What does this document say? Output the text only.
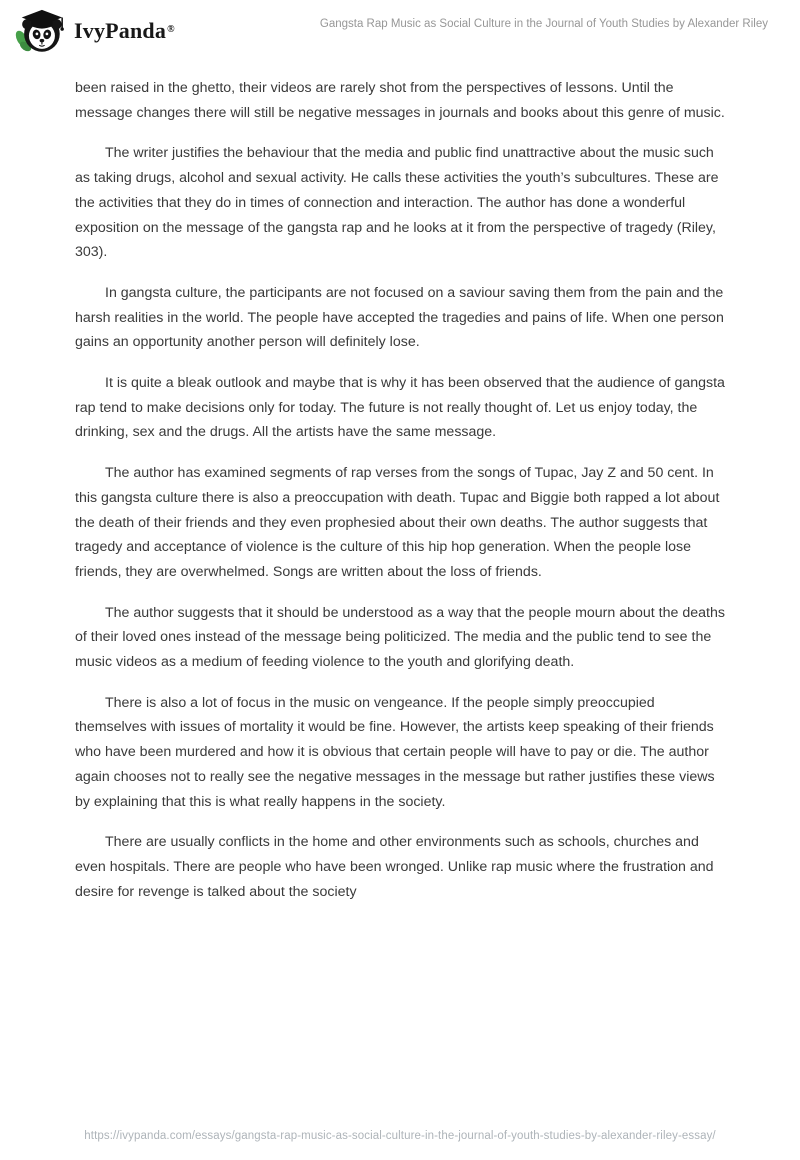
IvyPanda®	Gangsta Rap Music as Social Culture in the Journal of Youth Studies by Alexander Riley

been raised in the ghetto, their videos are rarely shot from the perspectives of lessons. Until the message changes there will still be negative messages in journals and books about this genre of music.

The writer justifies the behaviour that the media and public find unattractive about the music such as taking drugs, alcohol and sexual activity. He calls these activities the youth’s subcultures. These are the activities that they do in times of connection and interaction. The author has done a wonderful exposition on the message of the gangsta rap and he looks at it from the perspective of tragedy (Riley, 303).

In gangsta culture, the participants are not focused on a saviour saving them from the pain and the harsh realities in the world. The people have accepted the tragedies and pains of life. When one person gains an opportunity another person will definitely lose.

It is quite a bleak outlook and maybe that is why it has been observed that the audience of gangsta rap tend to make decisions only for today. The future is not really thought of. Let us enjoy today, the drinking, sex and the drugs. All the artists have the same message.

The author has examined segments of rap verses from the songs of Tupac, Jay Z and 50 cent. In this gangsta culture there is also a preoccupation with death. Tupac and Biggie both rapped a lot about the death of their friends and they even prophesied about their own deaths. The author suggests that tragedy and acceptance of violence is the culture of this hip hop generation. When the people lose friends, they are overwhelmed. Songs are written about the loss of friends.

The author suggests that it should be understood as a way that the people mourn about the deaths of their loved ones instead of the message being politicized. The media and the public tend to see the music videos as a medium of feeding violence to the youth and glorifying death.

There is also a lot of focus in the music on vengeance. If the people simply preoccupied themselves with issues of mortality it would be fine. However, the artists keep speaking of their friends who have been murdered and how it is obvious that certain people will have to pay or die. The author again chooses not to really see the negative messages in the message but rather justifies these views by explaining that this is what really happens in the society.

There are usually conflicts in the home and other environments such as schools, churches and even hospitals. There are people who have been wronged. Unlike rap music where the frustration and desire for revenge is talked about the society

https://ivypanda.com/essays/gangsta-rap-music-as-social-culture-in-the-journal-of-youth-studies-by-alexander-riley-essay/
